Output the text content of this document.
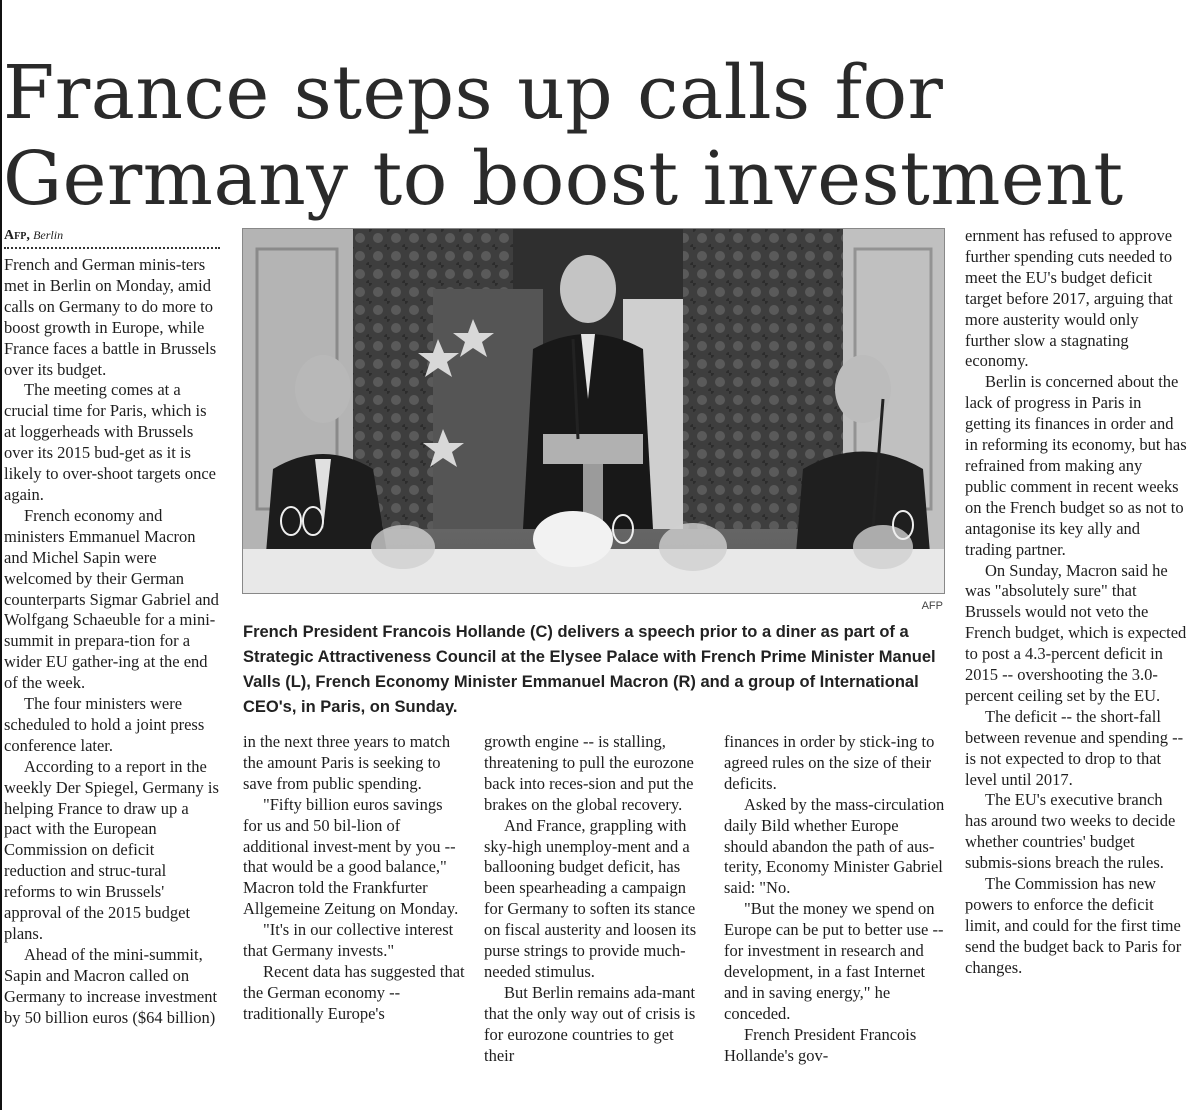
France steps up calls for Germany to boost investment
Afp, Berlin

French and German minis-ters met in Berlin on Monday, amid calls on Germany to do more to boost growth in Europe, while France faces a battle in Brussels over its budget.

The meeting comes at a crucial time for Paris, which is at loggerheads with Brussels over its 2015 bud-get as it is likely to over-shoot targets once again.

French economy and ministers Emmanuel Macron and Michel Sapin were welcomed by their German counterparts Sigmar Gabriel and Wolfgang Schaeuble for a mini-summit in prepara-tion for a wider EU gather-ing at the end of the week.

The four ministers were scheduled to hold a joint press conference later.

According to a report in the weekly Der Spiegel, Germany is helping France to draw up a pact with the European Commission on deficit reduction and struc-tural reforms to win Brussels' approval of the 2015 budget plans.

Ahead of the mini-summit, Sapin and Macron called on Germany to increase investment by 50 billion euros ($64 billion)

AFP
French President Francois Hollande (C) delivers a speech prior to a diner as part of a Strategic Attractiveness Council at the Elysee Palace with French Prime Minister Manuel Valls (L), French Economy Minister Emmanuel Macron (R) and a group of International CEO's, in Paris, on Sunday.

in the next three years to match the amount Paris is seeking to save from public spending.

"Fifty billion euros savings for us and 50 bil-lion of additional invest-ment by you -- that would be a good balance," Macron told the Frankfurter Allgemeine Zeitung on Monday.

"It's in our collective interest that Germany invests."

Recent data has suggested that the German economy -- traditionally Europe's

growth engine -- is stalling, threatening to pull the eurozone back into reces-sion and put the brakes on the global recovery.

And France, grappling with sky-high unemploy-ment and a ballooning budget deficit, has been spearheading a campaign for Germany to soften its stance on fiscal austerity and loosen its purse strings to provide much-needed stimulus.

But Berlin remains ada-mant that the only way out of crisis is for eurozone countries to get their

finances in order by stick-ing to agreed rules on the size of their deficits.

Asked by the mass-circulation daily Bild whether Europe should abandon the path of aus-terity, Economy Minister Gabriel said: "No.

"But the money we spend on Europe can be put to better use -- for investment in research and development, in a fast Internet and in saving energy," he conceded.

French President Francois Hollande's gov-

ernment has refused to approve further spending cuts needed to meet the EU's budget deficit target before 2017, arguing that more austerity would only further slow a stagnating economy.

Berlin is concerned about the lack of progress in Paris in getting its finances in order and in reforming its economy, but has refrained from making any public comment in recent weeks on the French budget so as not to antagonise its key ally and trading partner.

On Sunday, Macron said he was "absolutely sure" that Brussels would not veto the French budget, which is expected to post a 4.3-percent deficit in 2015 -- overshooting the 3.0-percent ceiling set by the EU.

The deficit -- the short-fall between revenue and spending -- is not expected to drop to that level until 2017.

The EU's executive branch has around two weeks to decide whether countries' budget submis-sions breach the rules.

The Commission has new powers to enforce the deficit limit, and could for the first time send the budget back to Paris for changes.
